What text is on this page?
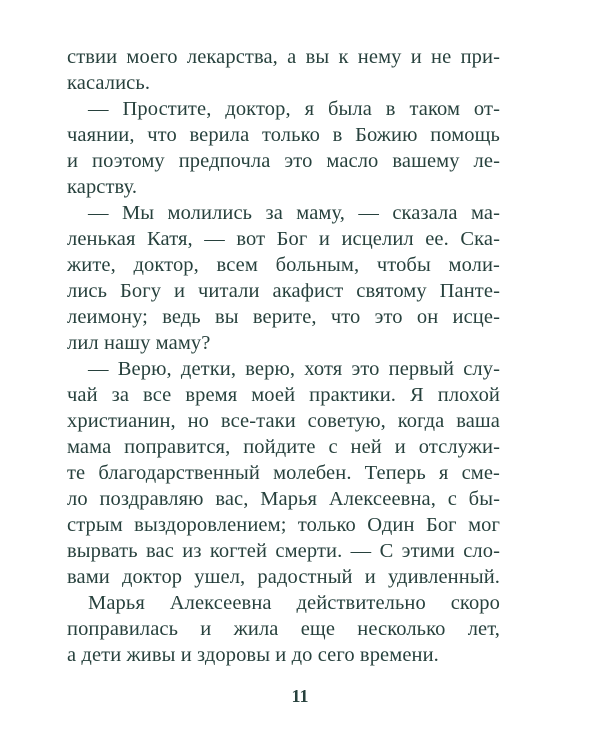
ствии моего лекарства, а вы к нему и не при-
касались.
— Простите, доктор, я была в таком от-
чаянии, что верила только в Божию помощь
и поэтому предпочла это масло вашему ле-
карству.
— Мы молились за маму, — сказала ма-
ленькая Катя, — вот Бог и исцелил ее. Ска-
жите, доктор, всем больным, чтобы моли-
лись Богу и читали акафист святому Панте-
леимону; ведь вы верите, что это он исце-
лил нашу маму?
— Верю, детки, верю, хотя это первый слу-
чай за все время моей практики. Я плохой
христианин, но все-таки советую, когда ваша
мама поправится, пойдите с ней и отслужи-
те благодарственный молебен. Теперь я сме-
ло поздравляю вас, Марья Алексеевна, с бы-
стрым выздоровлением; только Один Бог мог
вырвать вас из когтей смерти. — С этими сло-
вами доктор ушел, радостный и удивленный.
Марья Алексеевна действительно скоро
поправилась и жила еще несколько лет,
а дети живы и здоровы и до сего времени.
11
